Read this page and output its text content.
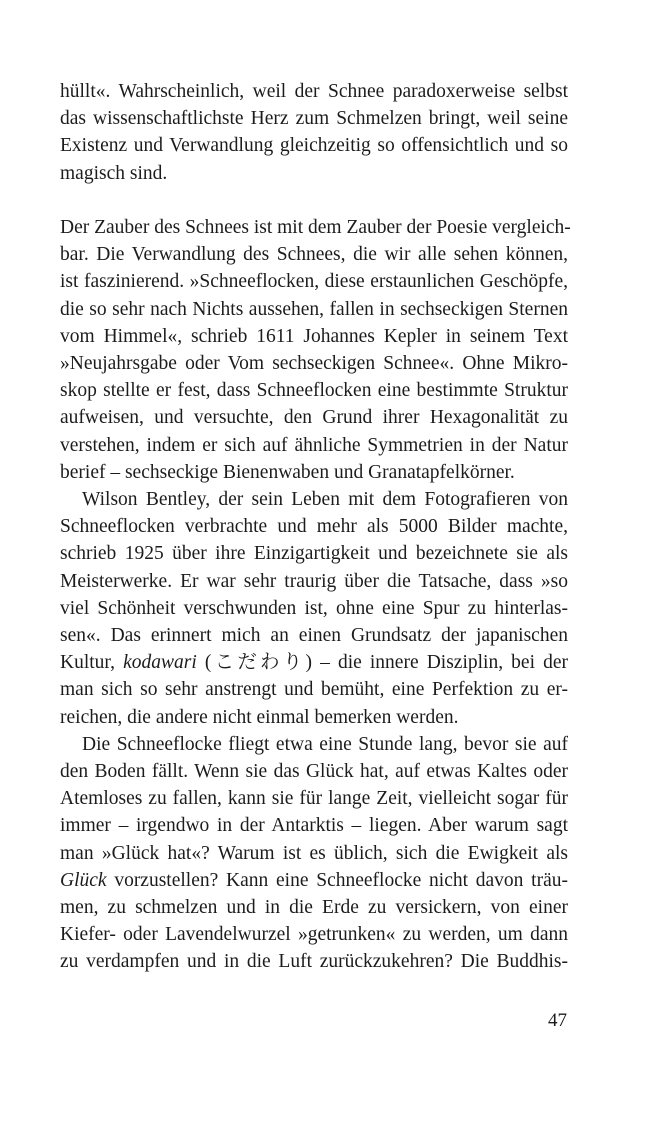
hüllt«. Wahrscheinlich, weil der Schnee paradoxerweise selbst
das wissenschaftlichste Herz zum Schmelzen bringt, weil seine
Existenz und Verwandlung gleichzeitig so offensichtlich und so
magisch sind.
Der Zauber des Schnees ist mit dem Zauber der Poesie vergleich-
bar. Die Verwandlung des Schnees, die wir alle sehen können,
ist faszinierend. »Schneeflocken, diese erstaunlichen Geschöpfe,
die so sehr nach Nichts aussehen, fallen in sechseckigen Sternen
vom Himmel«, schrieb 1611 Johannes Kepler in seinem Text
»Neujahrsgabe oder Vom sechseckigen Schnee«. Ohne Mikro-
skop stellte er fest, dass Schneeflocken eine bestimmte Struktur
aufweisen, und versuchte, den Grund ihrer Hexagonalität zu
verstehen, indem er sich auf ähnliche Symmetrien in der Natur
berief – sechseckige Bienenwaben und Granatapfelkörner.
Wilson Bentley, der sein Leben mit dem Fotografieren von
Schneeflocken verbrachte und mehr als 5000 Bilder machte,
schrieb 1925 über ihre Einzigartigkeit und bezeichnete sie als
Meisterwerke. Er war sehr traurig über die Tatsache, dass »so
viel Schönheit verschwunden ist, ohne eine Spur zu hinterlas-
sen«. Das erinnert mich an einen Grundsatz der japanischen
Kultur, kodawari (こだわり) – die innere Disziplin, bei der
man sich so sehr anstrengt und bemüht, eine Perfektion zu er-
reichen, die andere nicht einmal bemerken werden.
Die Schneeflocke fliegt etwa eine Stunde lang, bevor sie auf
den Boden fällt. Wenn sie das Glück hat, auf etwas Kaltes oder
Atemloses zu fallen, kann sie für lange Zeit, vielleicht sogar für
immer – irgendwo in der Antarktis – liegen. Aber warum sagt
man »Glück hat«? Warum ist es üblich, sich die Ewigkeit als
Glück vorzustellen? Kann eine Schneeflocke nicht davon träu-
men, zu schmelzen und in die Erde zu versickern, von einer
Kiefer- oder Lavendelwurzel »getrunken« zu werden, um dann
zu verdampfen und in die Luft zurückzukehren? Die Buddhis-
47
